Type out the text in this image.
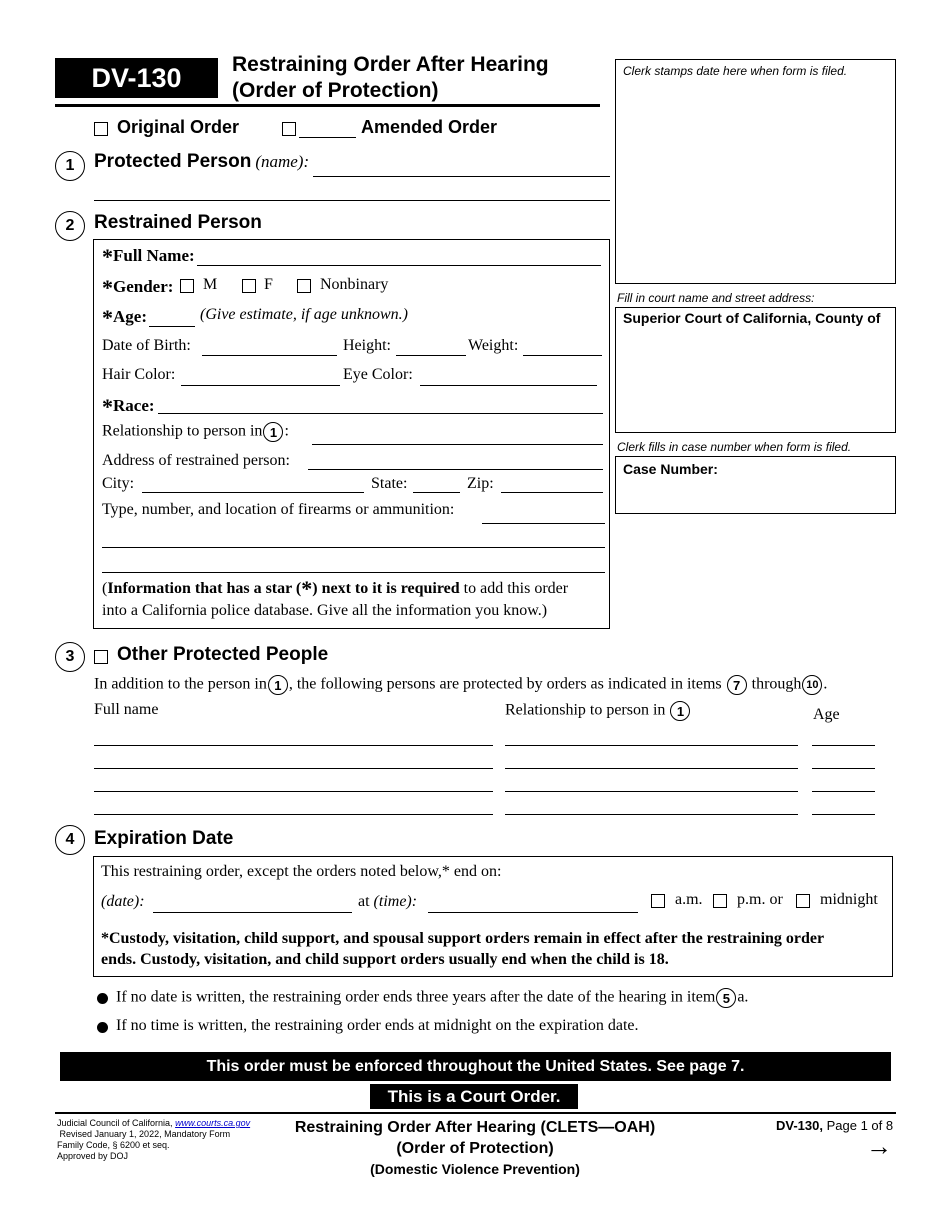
DV-130	Restraining Order After Hearing
(Order of Protection)
Clerk stamps date here when form is filed.
Fill in court name and street address:
Superior Court of California, County of
Clerk fills in case number when form is filed.
Case Number:
Original Order	Amended Order
1	Protected Person (name):
2	Restrained Person
*Full Name:
*Gender: M	F	Nonbinary
*Age:	(Give estimate, if age unknown.)
Date of Birth:	Height:	Weight:
Hair Color:	Eye Color:
*Race:
Relationship to person in 1 :
Address of restrained person:
City:	State:	Zip:
Type, number, and location of firearms or ammunition:
(Information that has a star (*) next to it is required to add this order
into a California police database. Give all the information you know.)
3	Other Protected People
In addition to the person in 1 , the following persons are protected by orders as indicated in items 7 through 10 .
Full name	Relationship to person in 1	Age
4	Expiration Date
This restraining order, except the orders noted below,* end on:
(date):	at (time):	a.m. p.m. or midnight
*Custody, visitation, child support, and spousal support orders remain in effect after the restraining order
ends. Custody, visitation, and child support orders usually end when the child is 18.
If no date is written, the restraining order ends three years after the date of the hearing in item 5 a.
If no time is written, the restraining order ends at midnight on the expiration date.
This order must be enforced throughout the United States. See page 7.
This is a Court Order.
Judicial Council of California, www.courts.ca.gov
Revised January 1, 2022, Mandatory Form
Family Code, § 6200 et seq.
Approved by DOJ
Restraining Order After Hearing (CLETS—OAH)
(Order of Protection)
(Domestic Violence Prevention)
DV-130, Page 1 of 8
→
